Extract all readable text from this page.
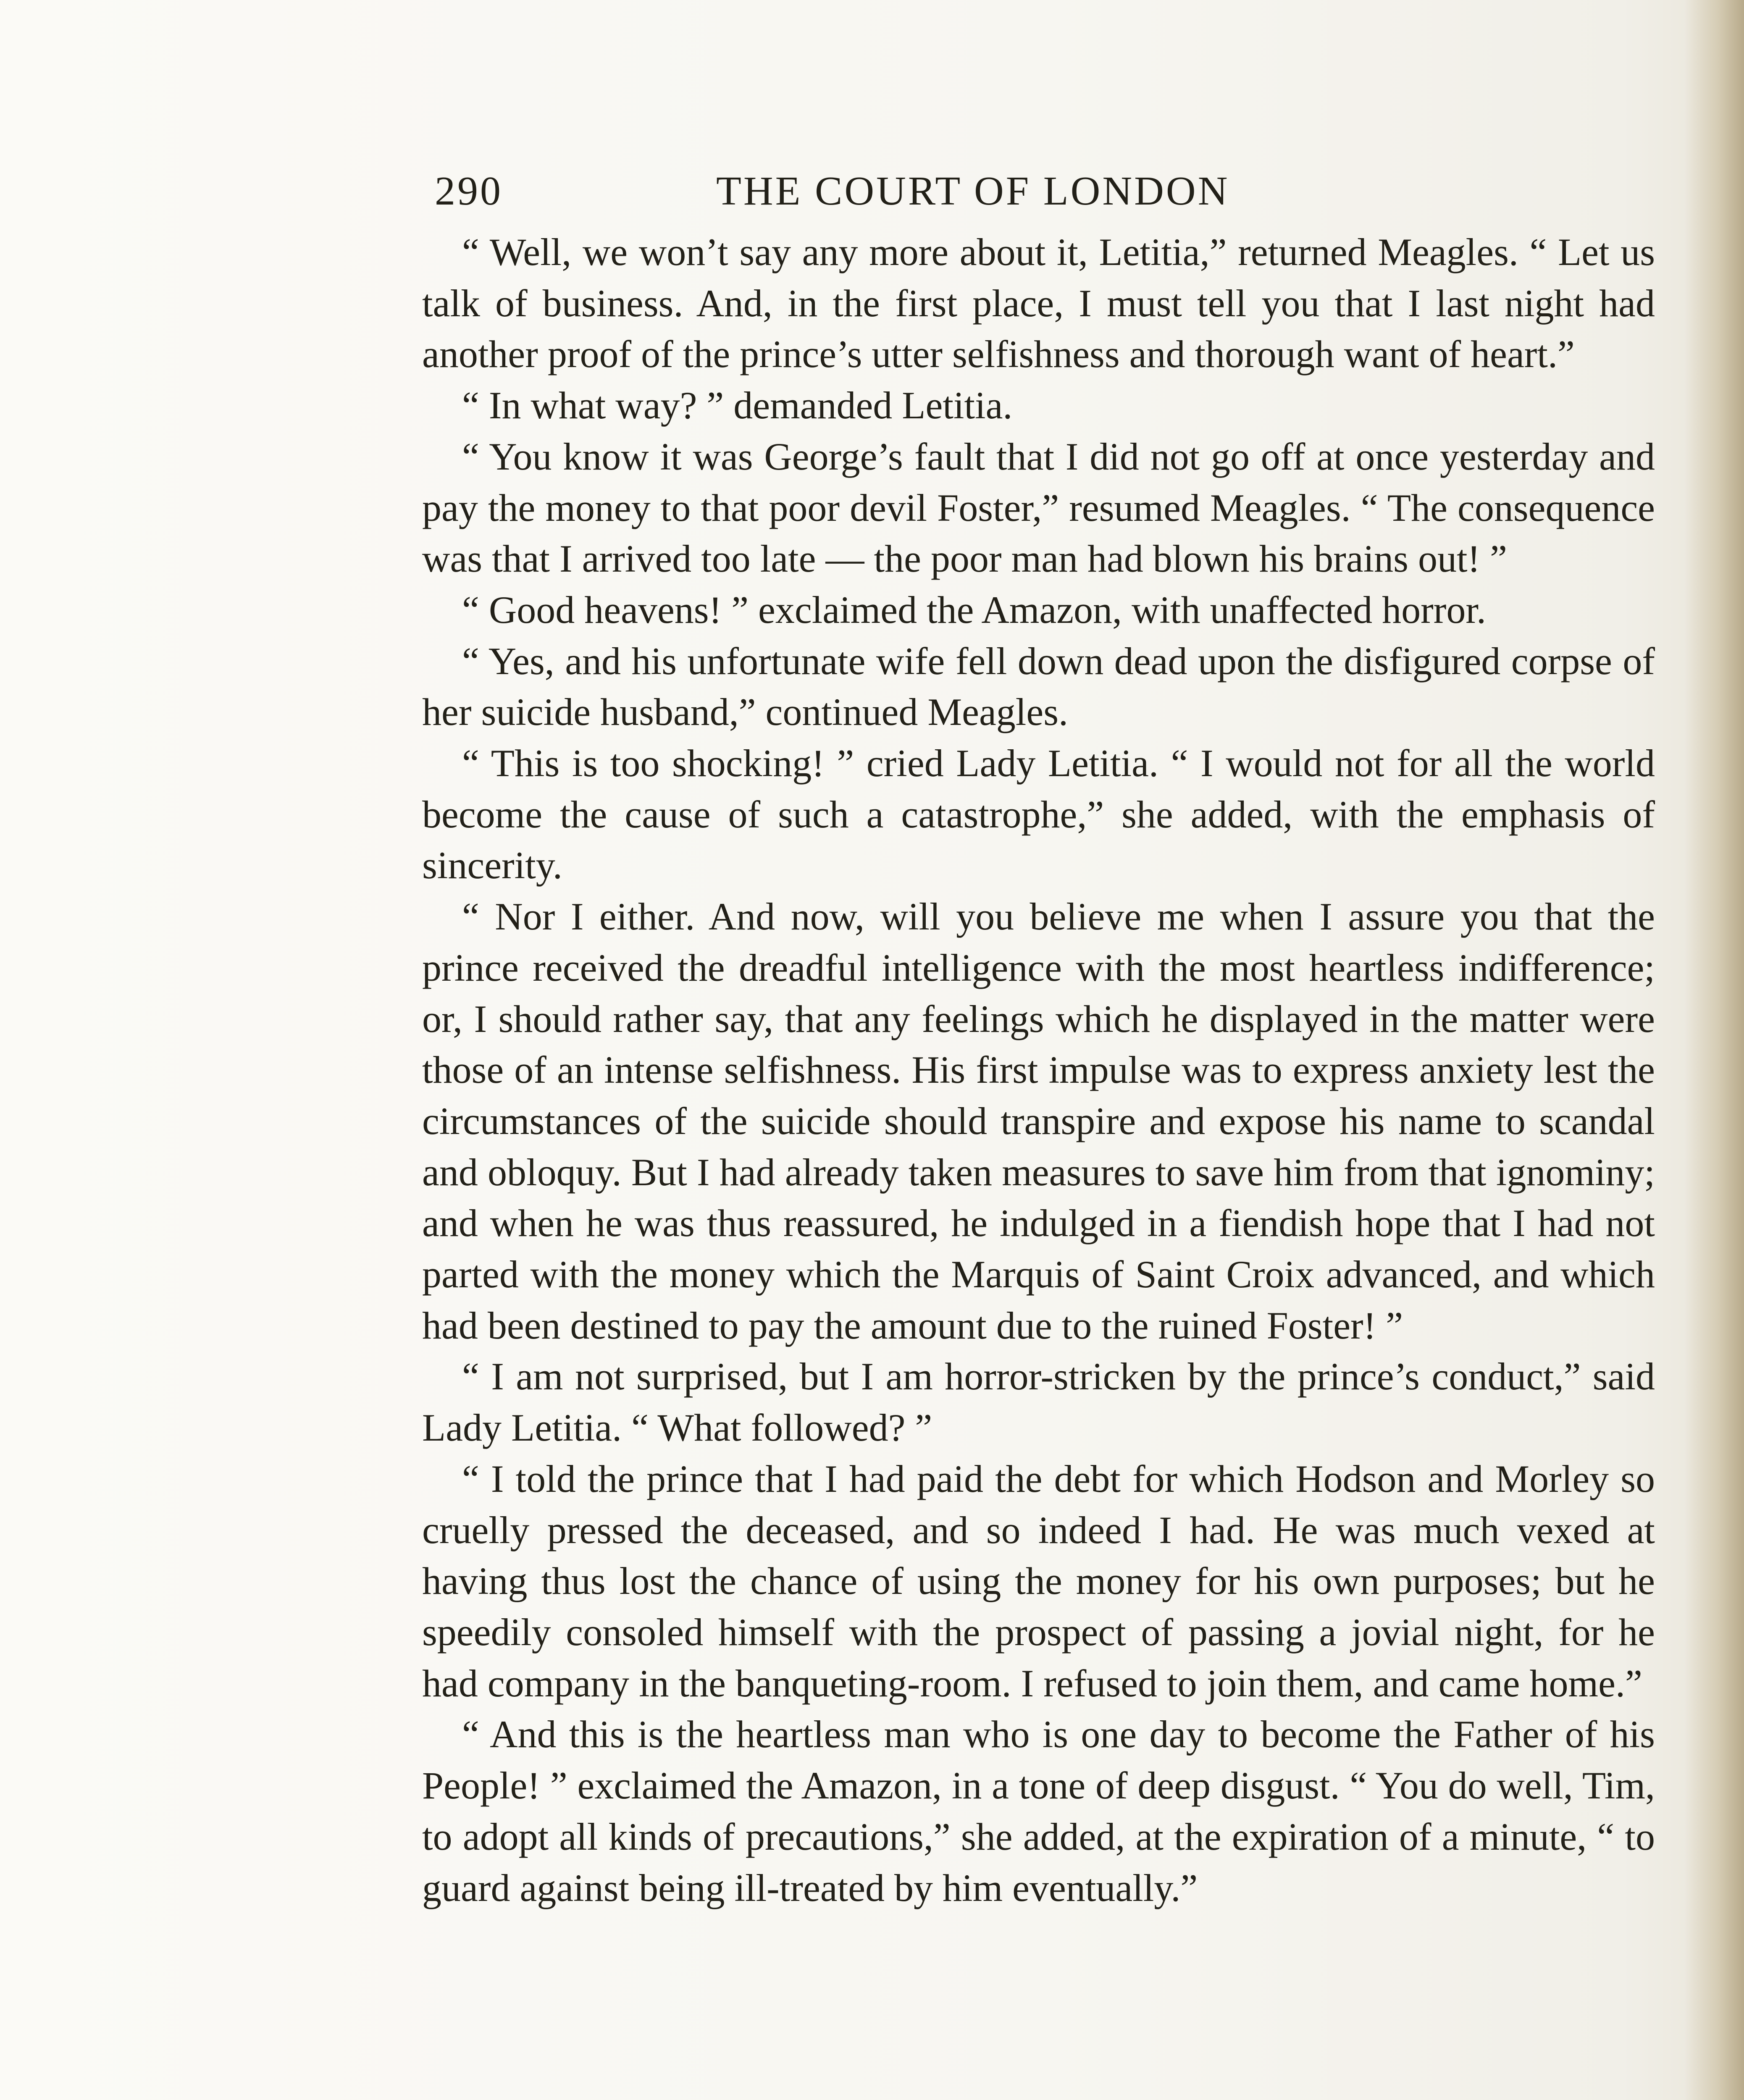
290	THE COURT OF LONDON

“ Well, we won’t say any more about it, Letitia,” returned Meagles. “ Let us talk of business. And, in the first place, I must tell you that I last night had another proof of the prince’s utter selfishness and thorough want of heart.”

“ In what way? ” demanded Letitia.

“ You know it was George’s fault that I did not go off at once yesterday and pay the money to that poor devil Foster,” resumed Meagles. “ The consequence was that I arrived too late — the poor man had blown his brains out! ”

“ Good heavens! ” exclaimed the Amazon, with unaffected horror.

“ Yes, and his unfortunate wife fell down dead upon the disfigured corpse of her suicide husband,” continued Meagles.

“ This is too shocking! ” cried Lady Letitia. “ I would not for all the world become the cause of such a catastrophe,” she added, with the emphasis of sincerity.

“ Nor I either. And now, will you believe me when I assure you that the prince received the dreadful intelligence with the most heartless indifference; or, I should rather say, that any feelings which he displayed in the matter were those of an intense selfishness. His first impulse was to express anxiety lest the circumstances of the suicide should transpire and expose his name to scandal and obloquy. But I had already taken measures to save him from that ignominy; and when he was thus reassured, he indulged in a fiendish hope that I had not parted with the money which the Marquis of Saint Croix advanced, and which had been destined to pay the amount due to the ruined Foster! ”

“ I am not surprised, but I am horror-stricken by the prince’s conduct,” said Lady Letitia. “ What followed? ”

“ I told the prince that I had paid the debt for which Hodson and Morley so cruelly pressed the deceased, and so indeed I had. He was much vexed at having thus lost the chance of using the money for his own purposes; but he speedily consoled himself with the prospect of passing a jovial night, for he had company in the banqueting-room. I refused to join them, and came home.”

“ And this is the heartless man who is one day to become the Father of his People! ” exclaimed the Amazon, in a tone of deep disgust. “ You do well, Tim, to adopt all kinds of precautions,” she added, at the expiration of a minute, “ to guard against being ill-treated by him eventually.”
